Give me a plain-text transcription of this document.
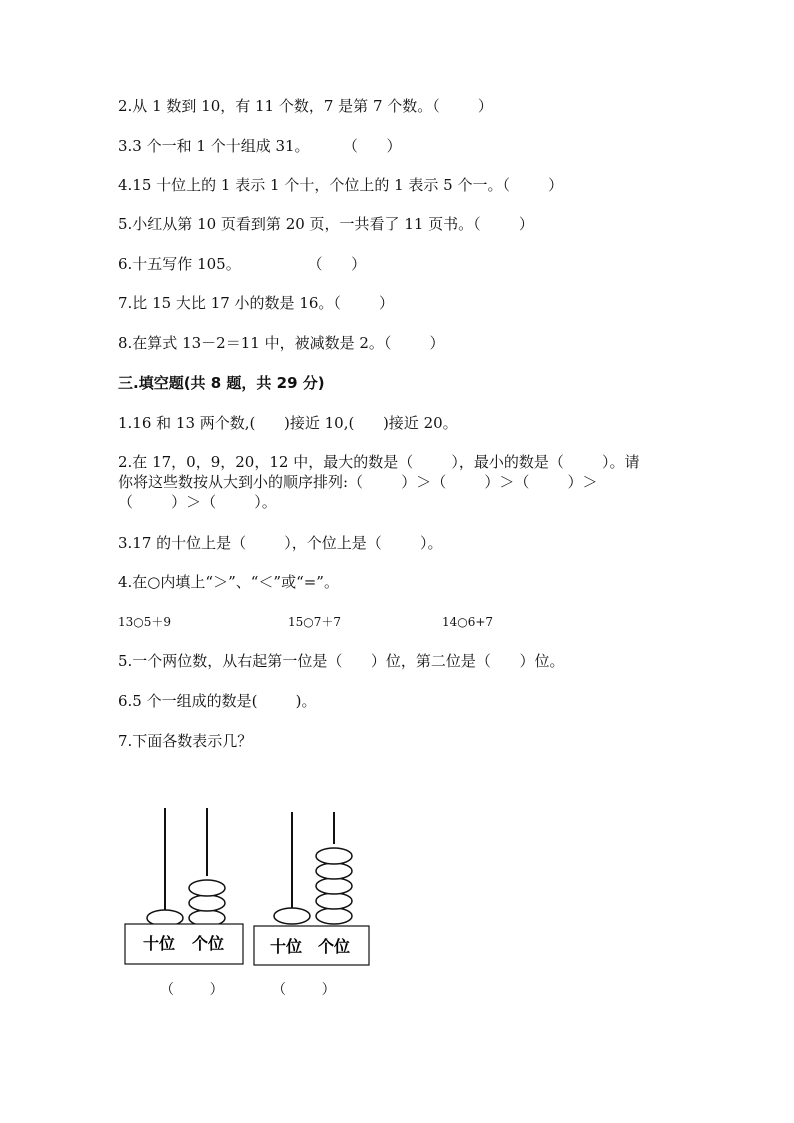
2.从 1 数到 10，有 11 个数，7 是第 7 个数。（        ）
3.3 个一和 1 个十组成 31。       （      ）
4.15 十位上的 1 表示 1 个十，个位上的 1 表示 5 个一。（        ）
5.小红从第 10 页看到第 20 页，一共看了 11 页书。（        ）
6.十五写作 105。              （      ）
7.比 15 大比 17 小的数是 16。（        ）
8.在算式 13－2＝11 中，被减数是 2。（        ）
三.填空题(共 8 题，共 29 分)
1.16 和 13 两个数,(      )接近 10,(      )接近 20。
2.在 17，0，9，20，12 中，最大的数是（        ），最小的数是（        ）。请
你将这些数按从大到小的顺序排列:（        ）＞（        ）＞（        ）＞
（        ）＞（        ）。
3.17 的十位上是（        ），个位上是（        ）。
4.在○内填上“＞”、“＜”或“=”。
13○5＋9	15○7＋7	14○6+7
5.一个两位数，从右起第一位是（      ）位，第二位是（      ）位。
6.5 个一组成的数是(        )。
7.下面各数表示几？
十位 个位	十位 个位
（        ）	（        ）
